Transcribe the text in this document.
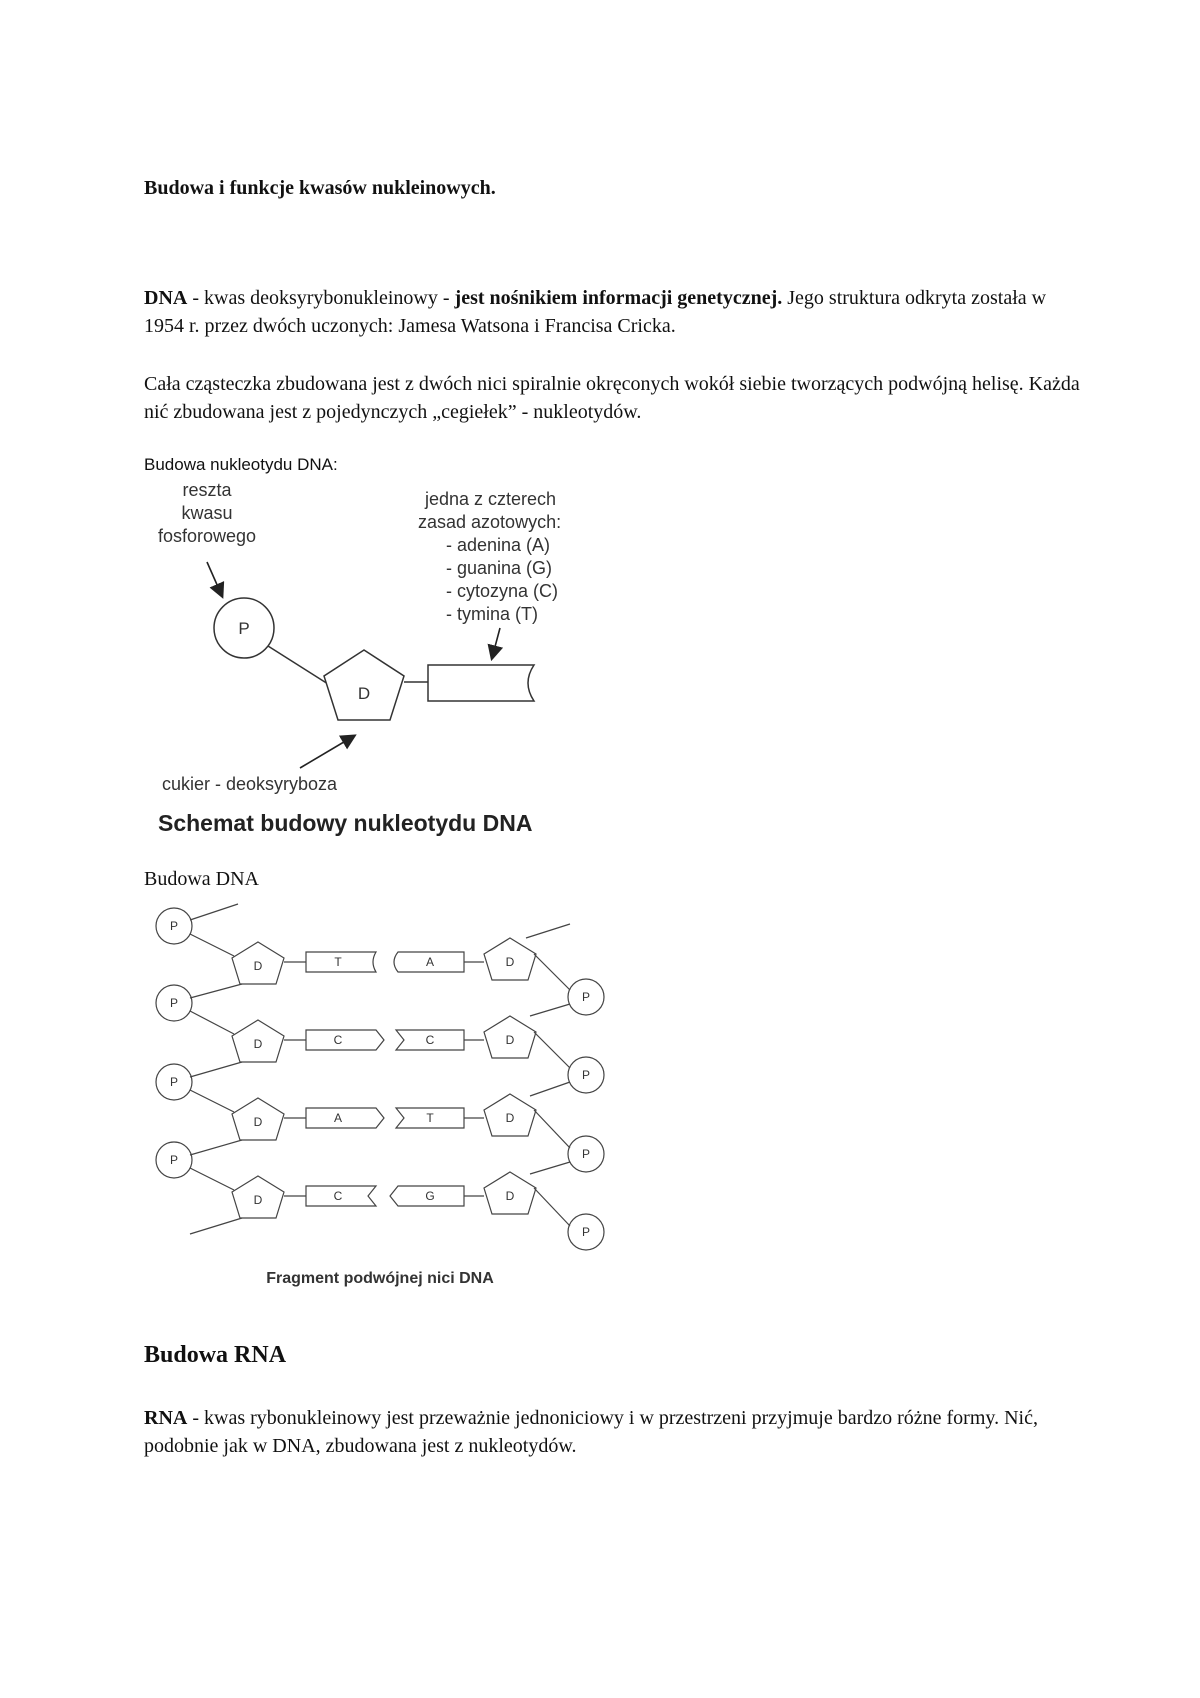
Budowa i funkcje kwasów nukleinowych.
DNA - kwas deoksyrybonukleinowy - jest nośnikiem informacji genetycznej. Jego struktura odkryta została w 1954 r. przez dwóch uczonych: Jamesa Watsona i Francisa Cricka.
Cała cząsteczka zbudowana jest z dwóch nici spiralnie okręconych wokół siebie tworzących podwójną helisę. Każda nić zbudowana jest z pojedynczych „cegiełek” - nukleotydów.
Budowa nukleotydu DNA:
reszta
kwasu
fosforowego
P
D
jedna z czterech
zasad azotowych:
- adenina (A)
- guanina (G)
- cytozyna (C)
- tymina (T)
cukier - deoksyryboza
Schemat budowy nukleotydu DNA
Budowa DNA
P
P
P
P
P
P
P
P
D
D
D
D
D
D
D
D
T	A
C	C
A	T
C	G
Fragment podwójnej nici DNA
Budowa RNA
RNA - kwas rybonukleinowy jest przeważnie jednoniciowy i w przestrzeni przyjmuje bardzo różne formy. Nić, podobnie jak w DNA, zbudowana jest z nukleotydów.
